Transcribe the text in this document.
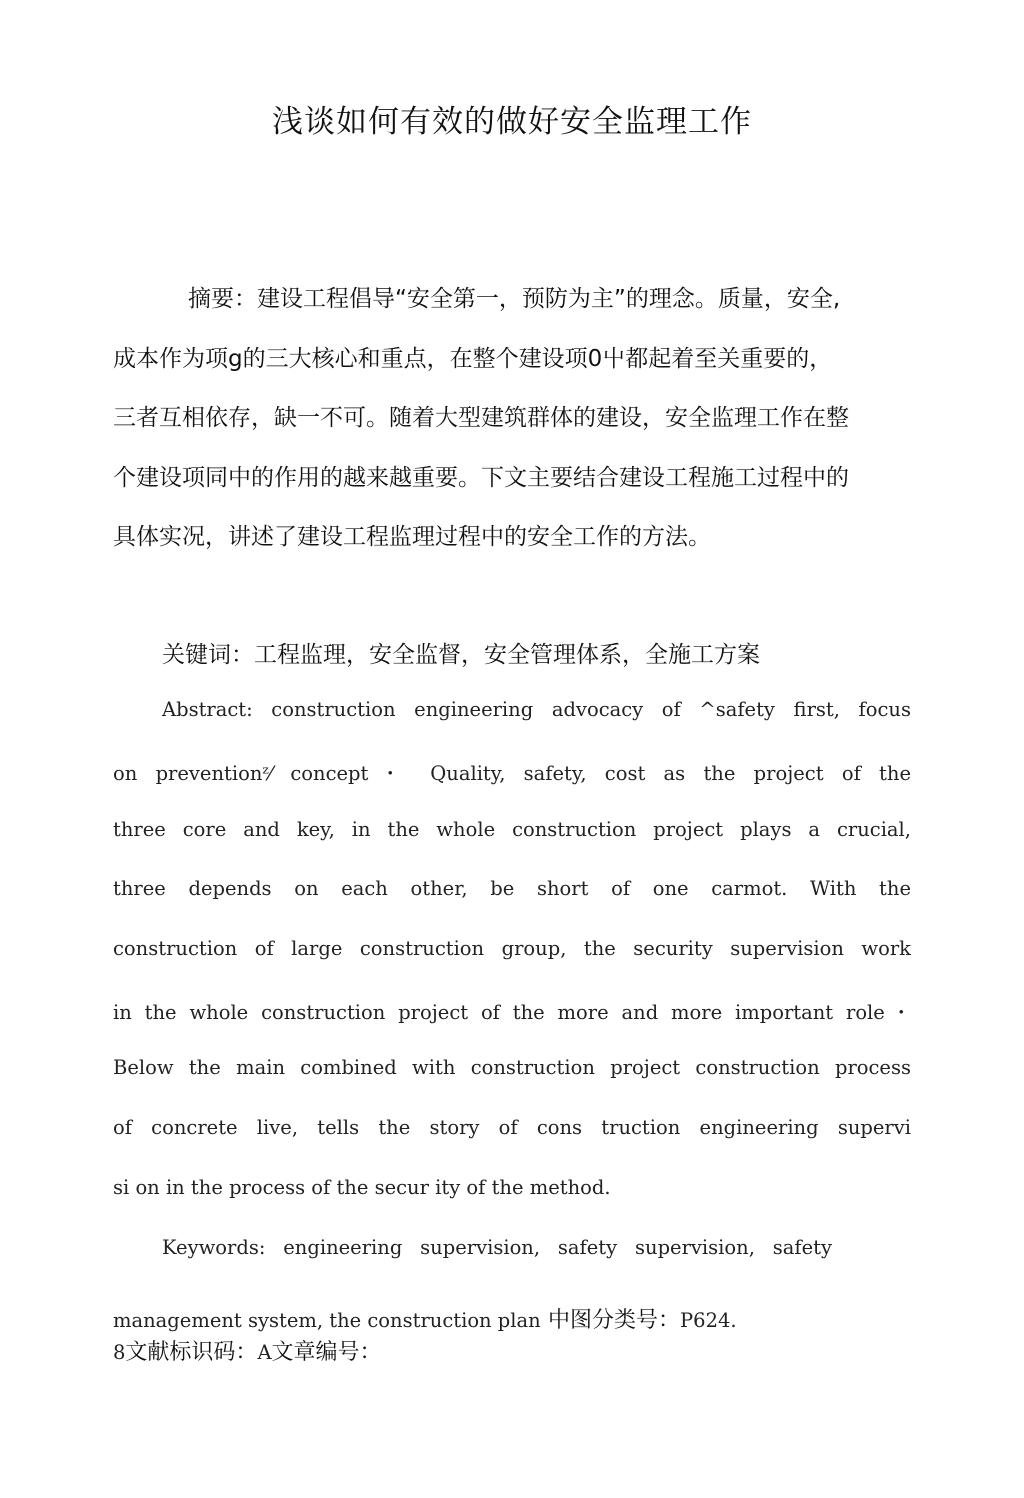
浅谈如何有效的做好安全监理工作
摘要：建设工程倡导“安全第一，预防为主”的理念。质量，安全,
成本作为项g的三大核心和重点，在整个建设项0屮都起着至关重要的，
三者互相依存，缺一不可。随着大型建筑群体的建设，安全监理工作在整
个建设项同中的作用的越来越重要。下文主要结合建设工程施工过程中的
具体实况，讲述了建设工程监理过程中的安全工作的方法。
关键词：工程监理，安全监督，安全管理体系，全施工方案
Abstract: construction engineering advocacy of ^safety first, focus
on preventionᶻ⁄ concept・ Quality, safety, cost as the project of the
three core and key, in the whole construction project plays a crucial,
three depends on each other, be short of one carmot. With the
construction of large construction group, the security supervision work
in the whole construction project of the more and more important role・
Below the main combined with construction project construction process
of concrete live, tells the story of cons truction engineering supervi
si on in the process of the secur ity of the method.
Keywords: engineering supervision, safety supervision, safety
management system, the construction plan 中图分类号：P624.
8文献标识码：A文章编号：
